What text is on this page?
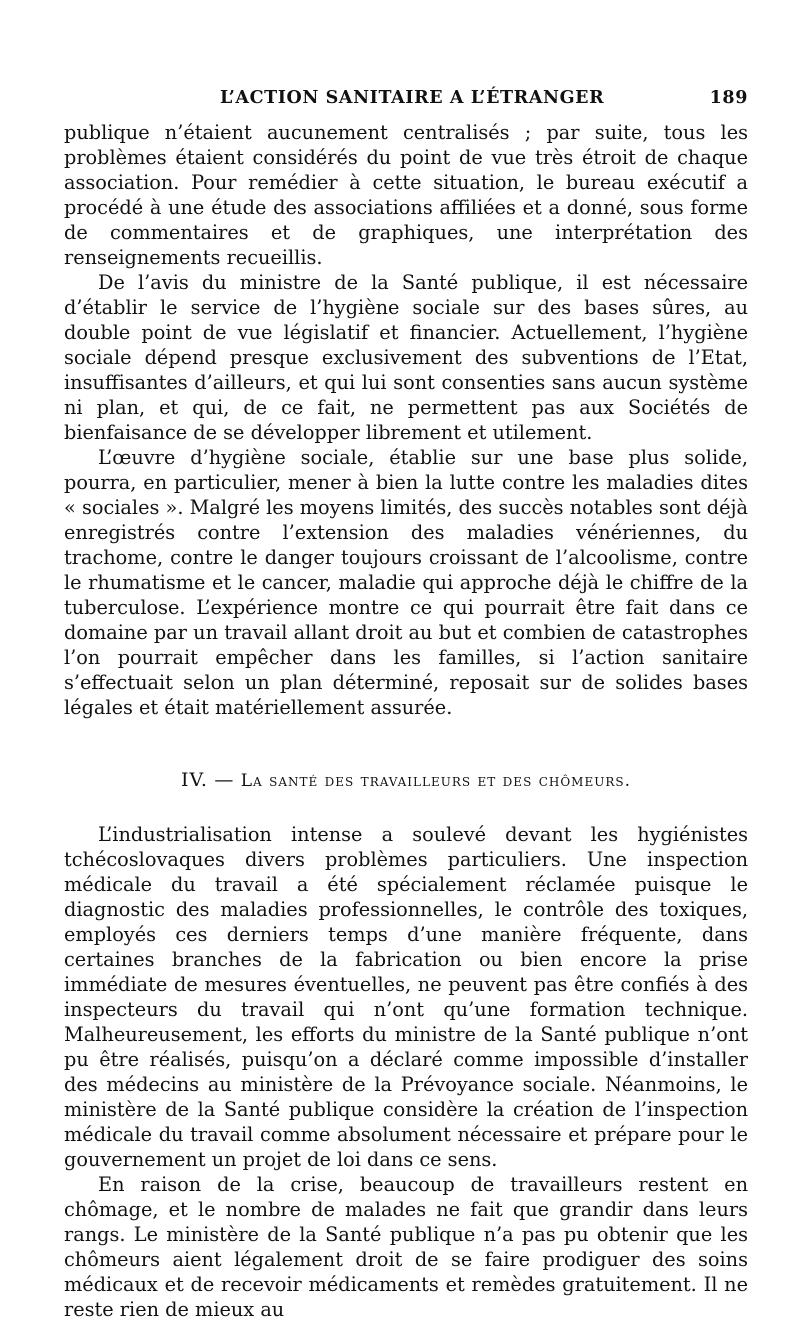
L’ACTION SANITAIRE A L’ÉTRANGER	189

publique n’étaient aucunement centralisés ; par suite, tous les problèmes étaient considérés du point de vue très étroit de chaque association. Pour remédier à cette situation, le bureau exécutif a procédé à une étude des associations affiliées et a donné, sous forme de commentaires et de graphiques, une interprétation des renseignements recueillis.

De l’avis du ministre de la Santé publique, il est nécessaire d’établir le service de l’hygiène sociale sur des bases sûres, au double point de vue législatif et financier. Actuellement, l’hygiène sociale dépend presque exclusivement des subventions de l’Etat, insuffisantes d’ailleurs, et qui lui sont consenties sans aucun système ni plan, et qui, de ce fait, ne permettent pas aux Sociétés de bienfaisance de se développer librement et utilement.

L’œuvre d’hygiène sociale, établie sur une base plus solide, pourra, en particulier, mener à bien la lutte contre les maladies dites « sociales ». Malgré les moyens limités, des succès notables sont déjà enregistrés contre l’extension des maladies vénériennes, du trachome, contre le danger toujours croissant de l’alcoolisme, contre le rhumatisme et le cancer, maladie qui approche déjà le chiffre de la tuberculose. L’expérience montre ce qui pourrait être fait dans ce domaine par un travail allant droit au but et combien de catastrophes l’on pourrait empêcher dans les familles, si l’action sanitaire s’effectuait selon un plan déterminé, reposait sur de solides bases légales et était matériellement assurée.

IV. — La santé des travailleurs et des chômeurs.

L’industrialisation intense a soulevé devant les hygiénistes tchécoslovaques divers problèmes particuliers. Une inspection médicale du travail a été spécialement réclamée puisque le diagnostic des maladies professionnelles, le contrôle des toxiques, employés ces derniers temps d’une manière fréquente, dans certaines branches de la fabrication ou bien encore la prise immédiate de mesures éventuelles, ne peuvent pas être confiés à des inspecteurs du travail qui n’ont qu’une formation technique. Malheureusement, les efforts du ministre de la Santé publique n’ont pu être réalisés, puisqu’on a déclaré comme impossible d’installer des médecins au ministère de la Prévoyance sociale. Néanmoins, le ministère de la Santé publique considère la création de l’inspection médicale du travail comme absolument nécessaire et prépare pour le gouvernement un projet de loi dans ce sens.

En raison de la crise, beaucoup de travailleurs restent en chômage, et le nombre de malades ne fait que grandir dans leurs rangs. Le ministère de la Santé publique n’a pas pu obtenir que les chômeurs aient légalement droit de se faire prodiguer des soins médicaux et de recevoir médicaments et remèdes gratuitement. Il ne reste rien de mieux au
